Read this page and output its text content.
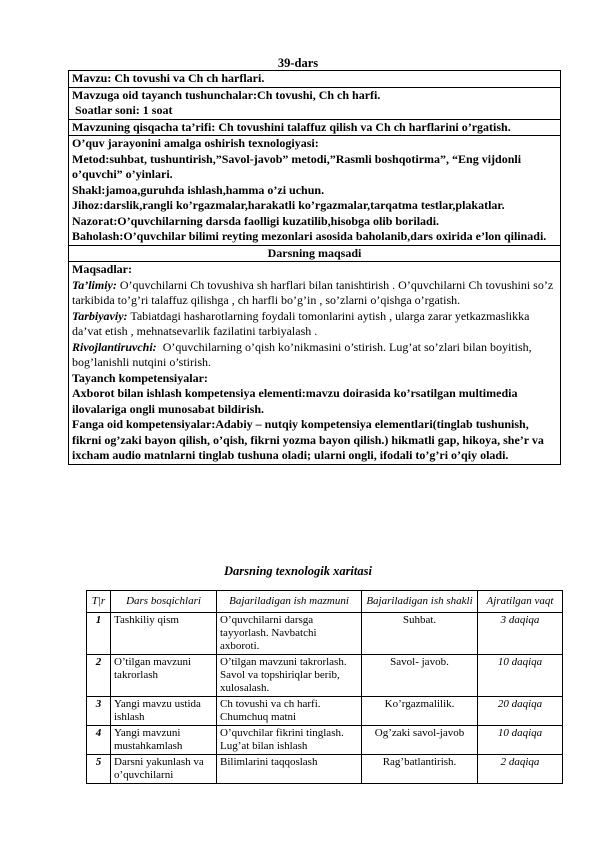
39-dars
Mavzu: Ch tovushi va Ch ch harflari.

Mavzuga oid tayanch tushunchalar:Ch tovushi, Ch ch harfi.
Soatlar soni: 1 soat

Mavzuning qisqacha ta’rifi: Ch tovushini talaffuz qilish va Ch ch harflarini o’rgatish.

O’quv jarayonini amalga oshirish texnologiyasi:
Metod:suhbat, tushuntirish,”Savol-javob” metodi,”Rasmli boshqotirma”, “Eng vijdonli o’quvchi” o’yinlari.
Shakl:jamoa,guruhda ishlash,hamma o’zi uchun.
Jihoz:darslik,rangli ko’rgazmalar,harakatli ko’rgazmalar,tarqatma testlar,plakatlar.
Nazorat:O’quvchilarning darsda faolligi kuzatilib,hisobga olib boriladi.
Baholash:O’quvchilar bilimi reyting mezonlari asosida baholanib,dars oxirida e’lon qilinadi.

Darsning maqsadi

Maqsadlar:
Ta’limiy: O’quvchilarni Ch tovushiva sh harflari bilan tanishtirish . O’quvchilarni Ch tovushini so’z tarkibida to’g’ri talaffuz qilishga , ch harfli bo’g’in , so’zlarni o’qishga o’rgatish.
Tarbiyaviy: Tabiatdagi hasharotlarning foydali tomonlarini aytish , ularga zarar yetkazmaslikka da’vat etish , mehnatsevarlik fazilatini tarbiyalash .
Rivojlantiruvchi:  O’quvchilarning o’qish ko’nikmasini o’stirish. Lug’at so’zlari bilan boyitish, bog’lanishli nutqini o’stirish.
Tayanch kompetensiyalar:
Axborot bilan ishlash kompetensiya elementi:mavzu doirasida ko’rsatilgan multimedia ilovalariga ongli munosabat bildirish.
Fanga oid kompetensiyalar:Adabiy – nutqiy kompetensiya elementlari(tinglab tushunish, fikrni og’zaki bayon qilish, o’qish, fikrni yozma bayon qilish.) hikmatli gap, hikoya, she’r va ixcham audio matnlarni tinglab tushuna oladi; ularni ongli, ifodali to’g’ri o’qiy oladi.
Darsning texnologik xaritasi
T|r	Dars bosqichlari	Bajariladigan ish mazmuni	Bajariladigan ish shakli	Ajratilgan vaqt
1	Tashkiliy qism	O’quvchilarni darsga tayyorlash. Navbatchi axboroti.	Suhbat.	3 daqiqa
2	O’tilgan mavzuni takrorlash	O’tilgan mavzuni takrorlash. Savol va topshiriqlar berib, xulosalash.	Savol- javob.	10 daqiqa
3	Yangi mavzu ustida ishlash	Ch tovushi va ch harfi. Chumchuq matni	Ko’rgazmalilik.	20 daqiqa
4	Yangi mavzuni mustahkamlash	O’quvchilar fikrini tinglash. Lug’at bilan ishlash	Og’zaki savol-javob	10 daqiqa
5	Darsni yakunlash va o’quvchilarni	Bilimlarini taqqoslash	Rag’batlantirish.	2 daqiqa
